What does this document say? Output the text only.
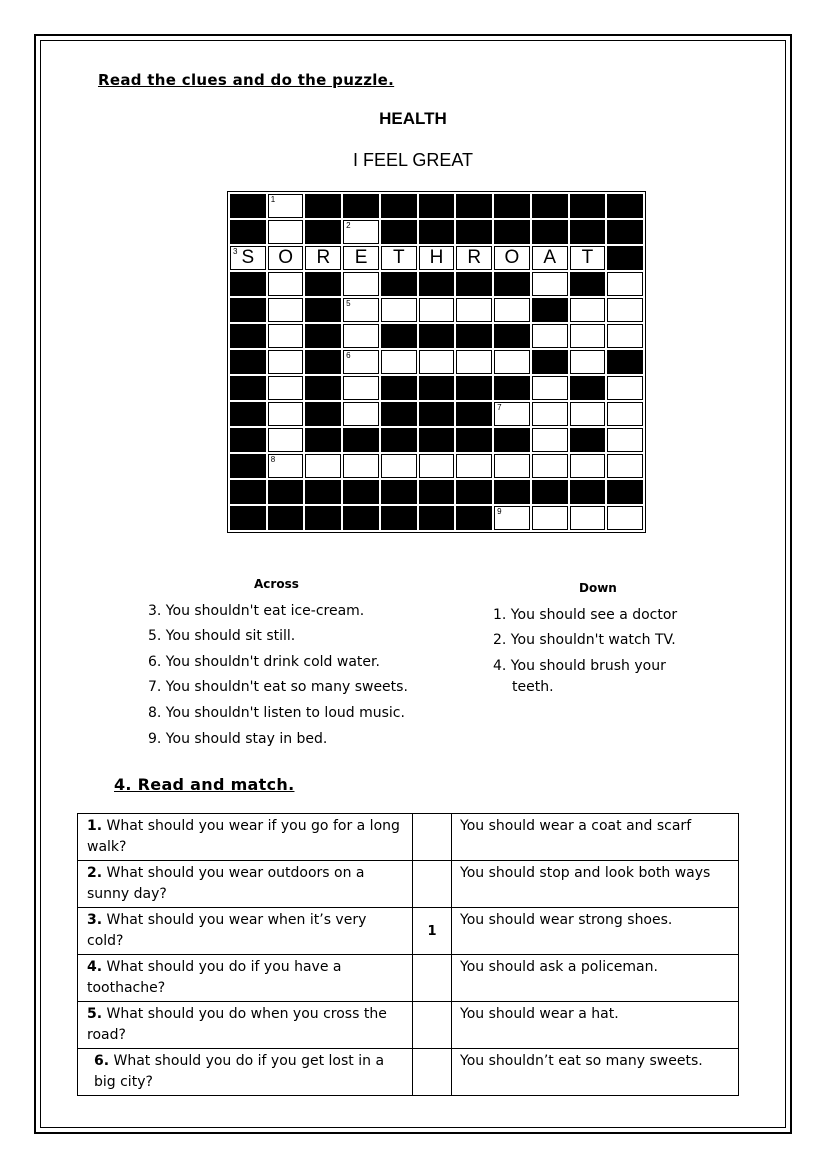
Read the clues and do the puzzle.
HEALTH
I FEEL GREAT
1
2
3 S	O	R	E	T	H	R	O	A	T
5
6
7
8
9
Across
3. You shouldn't eat ice-cream.
5. You should sit still.
6. You shouldn't drink cold water.
7. You shouldn't eat so many sweets.
8. You shouldn't listen to loud music.
9. You should stay in bed.
Down
1. You should see a doctor
2. You shouldn't watch TV.
4. You should brush your
teeth.
4. Read and match.
1. What should you wear if you go for a long walk?		You should wear a coat and scarf
2. What should you wear outdoors on a sunny day?		You should stop and look both ways
3. What should you wear when it’s very cold?	1	You should wear strong shoes.
4. What should you do if you have a toothache?		You should ask a policeman.
5. What should you do when you cross the road?		You should wear a hat.
6. What should you do if you get lost in a big city?		You shouldn’t eat so many sweets.
